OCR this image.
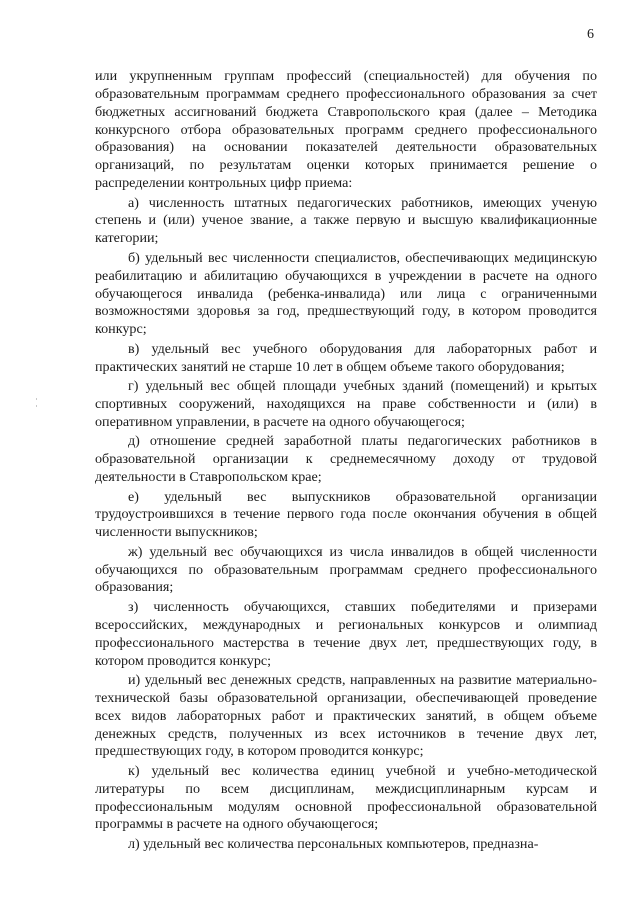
6

или укрупненным группам профессий (специальностей) для обучения по образовательным программам среднего профессионального образования за счет бюджетных ассигнований бюджета Ставропольского края (далее – Методика конкурсного отбора образовательных программ среднего профессионального образования) на основании показателей деятельности образовательных организаций, по результатам оценки которых принимается решение о распределении контрольных цифр приема:

а) численность штатных педагогических работников, имеющих ученую степень и (или) ученое звание, а также первую и высшую квалификационные категории;

б) удельный вес численности специалистов, обеспечивающих медицинскую реабилитацию и абилитацию обучающихся в учреждении в расчете на одного обучающегося инвалида (ребенка-инвалида) или лица с ограниченными возможностями здоровья за год, предшествующий году, в котором проводится конкурс;

в) удельный вес учебного оборудования для лабораторных работ и практических занятий не старше 10 лет в общем объеме такого оборудования;

г) удельный вес общей площади учебных зданий (помещений) и крытых спортивных сооружений, находящихся на праве собственности и (или) в оперативном управлении, в расчете на одного обучающегося;

д) отношение средней заработной платы педагогических работников в образовательной организации к среднемесячному доходу от трудовой деятельности в Ставропольском крае;

е) удельный вес выпускников образовательной организации трудоустроившихся в течение первого года после окончания обучения в общей численности выпускников;

ж) удельный вес обучающихся из числа инвалидов в общей численности обучающихся по образовательным программам среднего профессионального образования;

з) численность обучающихся, ставших победителями и призерами всероссийских, международных и региональных конкурсов и олимпиад профессионального мастерства в течение двух лет, предшествующих году, в котором проводится конкурс;

и) удельный вес денежных средств, направленных на развитие материально-технической базы образовательной организации, обеспечивающей проведение всех видов лабораторных работ и практических занятий, в общем объеме денежных средств, полученных из всех источников в течение двух лет, предшествующих году, в котором проводится конкурс;

к) удельный вес количества единиц учебной и учебно-методической литературы по всем дисциплинам, междисциплинарным курсам и профессиональным модулям основной профессиональной образовательной программы в расчете на одного обучающегося;

л) удельный вес количества персональных компьютеров, предназна-
